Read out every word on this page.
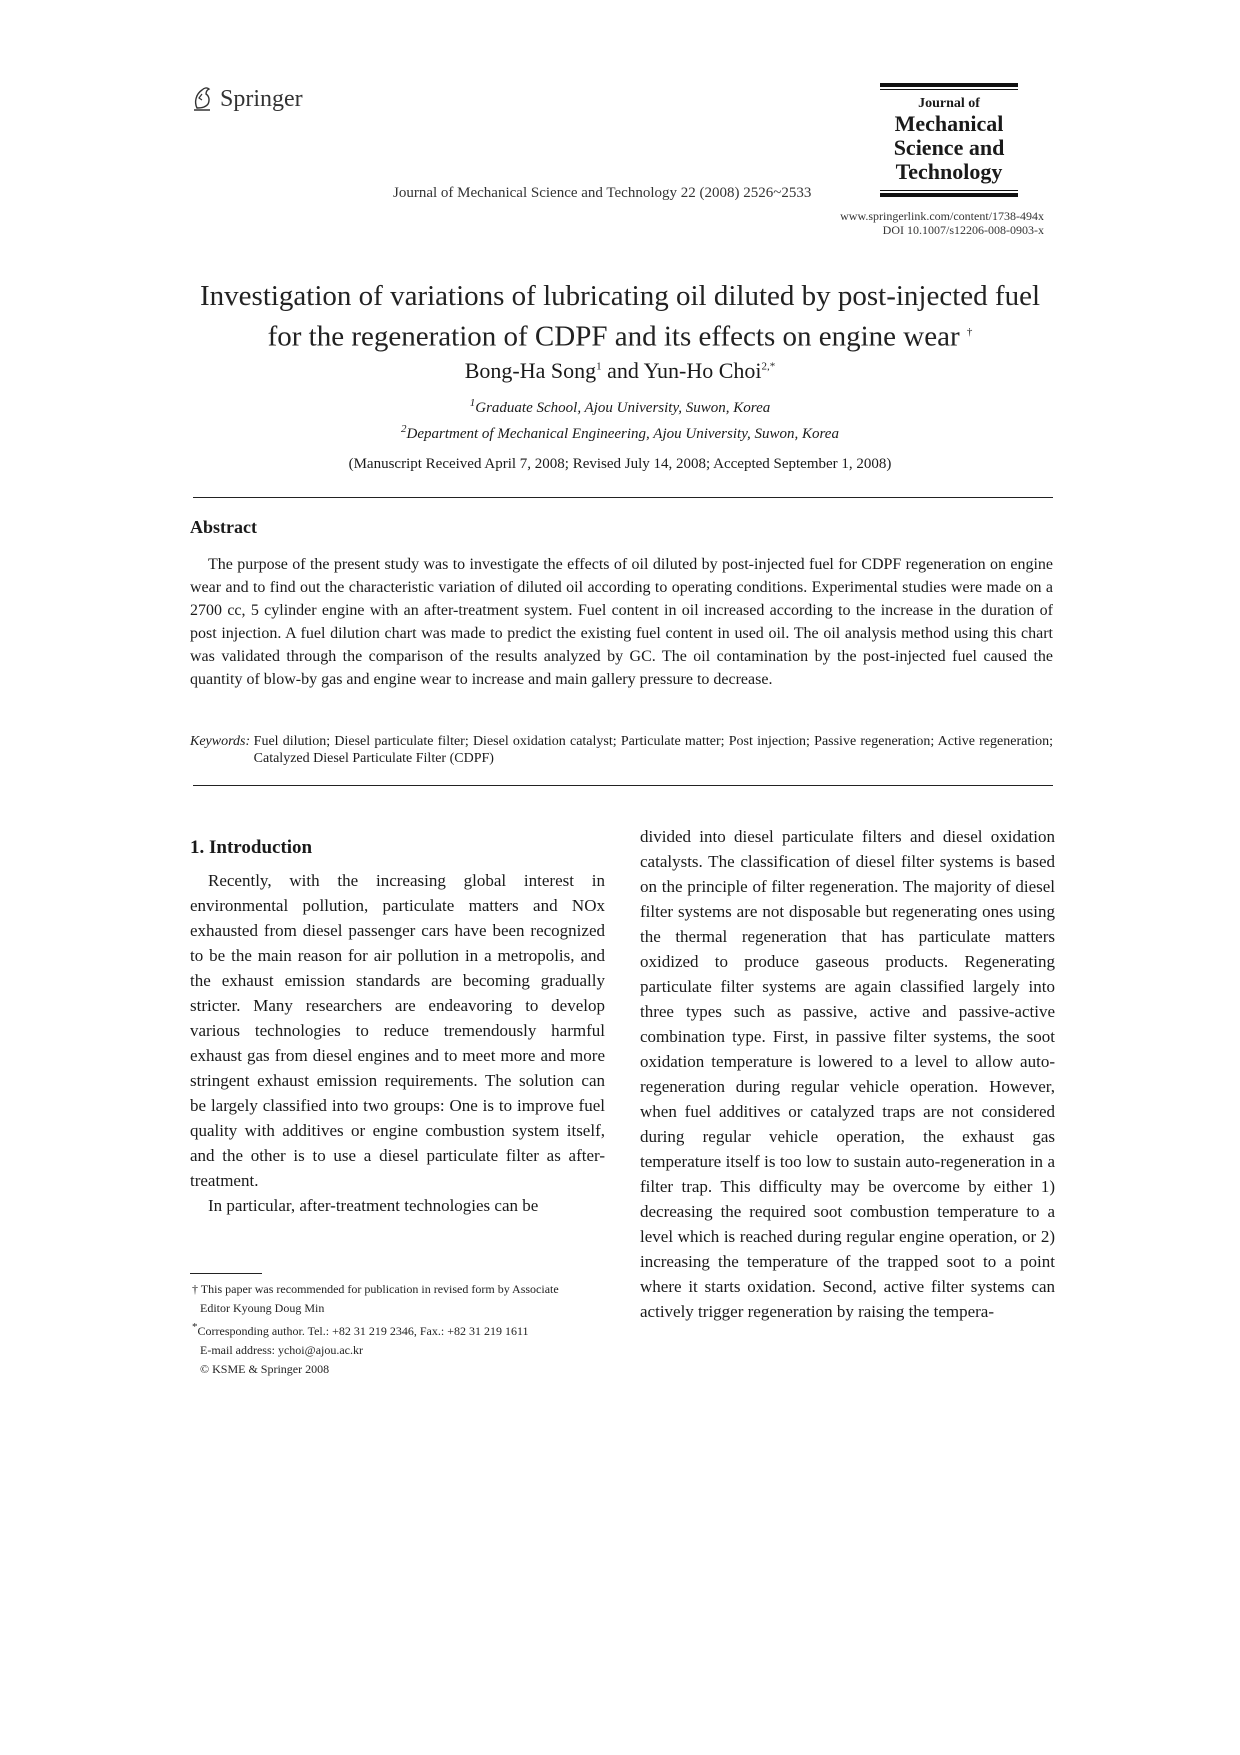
Springer
Journal of Mechanical Science and Technology 22 (2008) 2526~2533
Journal of
Mechanical
Science and
Technology
www.springerlink.com/content/1738-494x
DOI 10.1007/s12206-008-0903-x
Investigation of variations of lubricating oil diluted by post-injected fuel
for the regeneration of CDPF and its effects on engine wear †
Bong-Ha Song$^1$ and Yun-Ho Choi$^{2,*}$
$^1$Graduate School, Ajou University, Suwon, Korea
$^2$Department of Mechanical Engineering, Ajou University, Suwon, Korea
(Manuscript Received April 7, 2008; Revised July 14, 2008; Accepted September 1, 2008)
Abstract
The purpose of the present study was to investigate the effects of oil diluted by post-injected fuel for CDPF regeneration on engine wear and to find out the characteristic variation of diluted oil according to operating conditions. Experimental studies were made on a 2700 cc, 5 cylinder engine with an after-treatment system. Fuel content in oil increased according to the increase in the duration of post injection. A fuel dilution chart was made to predict the existing fuel content in used oil. The oil analysis method using this chart was validated through the comparison of the results analyzed by GC. The oil contamination by the post-injected fuel caused the quantity of blow-by gas and engine wear to increase and main gallery pressure to decrease.
Keywords: Fuel dilution; Diesel particulate filter; Diesel oxidation catalyst; Particulate matter; Post injection; Passive regeneration; Active regeneration; Catalyzed Diesel Particulate Filter (CDPF)
1. Introduction

Recently, with the increasing global interest in environmental pollution, particulate matters and NOx exhausted from diesel passenger cars have been recognized to be the main reason for air pollution in a metropolis, and the exhaust emission standards are becoming gradually stricter. Many researchers are endeavoring to develop various technologies to reduce tremendously harmful exhaust gas from diesel engines and to meet more and more stringent exhaust emission requirements. The solution can be largely classified into two groups: One is to improve fuel quality with additives or engine combustion system itself, and the other is to use a diesel particulate filter as after-treatment.

In particular, after-treatment technologies can be

divided into diesel particulate filters and diesel oxidation catalysts. The classification of diesel filter systems is based on the principle of filter regeneration. The majority of diesel filter systems are not disposable but regenerating ones using the thermal regeneration that has particulate matters oxidized to produce gaseous products. Regenerating particulate filter systems are again classified largely into three types such as passive, active and passive-active combination type. First, in passive filter systems, the soot oxidation temperature is lowered to a level to allow auto-regeneration during regular vehicle operation. However, when fuel additives or catalyzed traps are not considered during regular vehicle operation, the exhaust gas temperature itself is too low to sustain auto-regeneration in a filter trap. This difficulty may be overcome by either 1) decreasing the required soot combustion temperature to a level which is reached during regular engine operation, or 2) increasing the temperature of the trapped soot to a point where it starts oxidation. Second, active filter systems can actively trigger regeneration by raising the tempera-

† This paper was recommended for publication in revised form by Associate
Editor Kyoung Doug Min
*Corresponding author. Tel.: +82 31 219 2346, Fax.: +82 31 219 1611
E-mail address: ychoi@ajou.ac.kr
© KSME & Springer 2008
